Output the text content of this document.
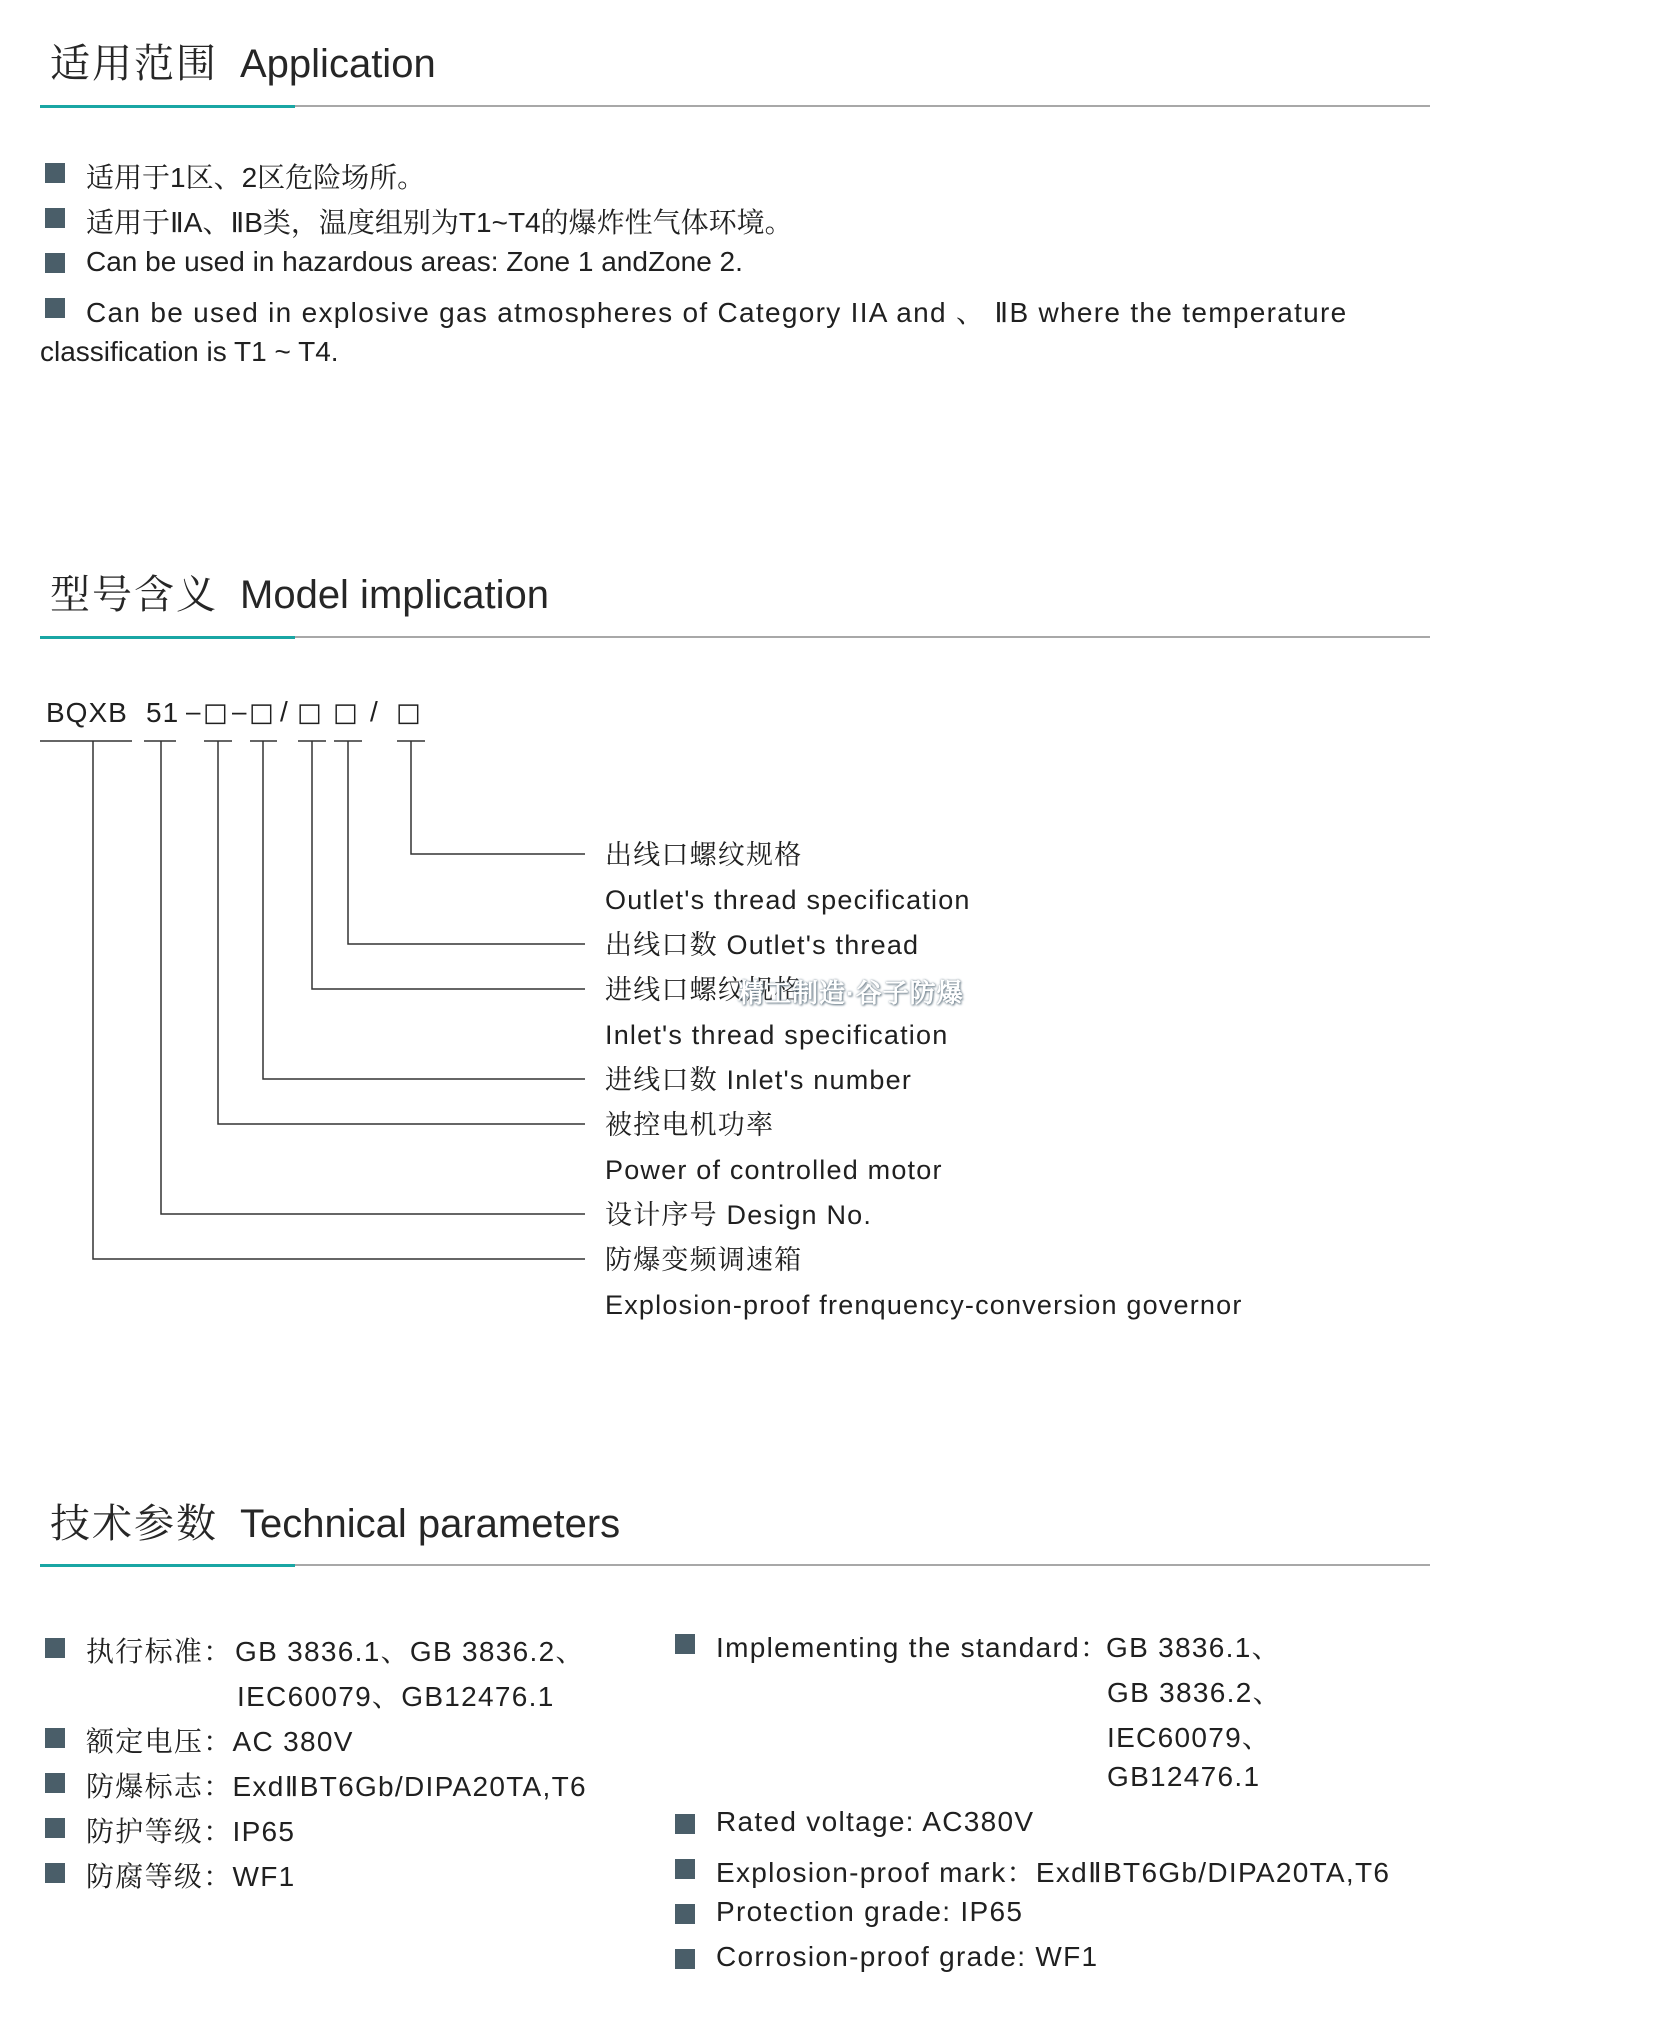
适用范围 Application
适用于1区、2区危险场所。
适用于ⅡA、ⅡB类，温度组别为T1~T4的爆炸性气体环境。
Can be used in hazardous areas: Zone 1 andZone 2.
Can be used in explosive gas atmospheres of Category IIA and 、 ⅡB where the temperature
classification is T1 ~ T4.
型号含义 Model implication
BQXB 51 – □ – □ / □ □ / □
出线口螺纹规格
Outlet's thread specification
出线口数 Outlet's thread
进线口螺纹规格
Inlet's thread specification
进线口数 Inlet's number
被控电机功率
Power of controlled motor
设计序号 Design No.
防爆变频调速箱
Explosion-proof frenquency-conversion governor
精工制造·谷子防爆
技术参数 Technical parameters
执行标准： GB 3836.1、GB 3836.2、
IEC60079、GB12476.1
额定电压：AC 380V
防爆标志：ExdⅡBT6Gb/DIPA20TA,T6
防护等级：IP65
防腐等级：WF1
Implementing the standard：
GB 3836.1、
GB 3836.2、
IEC60079、
GB12476.1
Rated voltage: AC380V
Explosion-proof mark：ExdⅡBT6Gb/DIPA20TA,T6
Protection grade: IP65
Corrosion-proof grade: WF1
